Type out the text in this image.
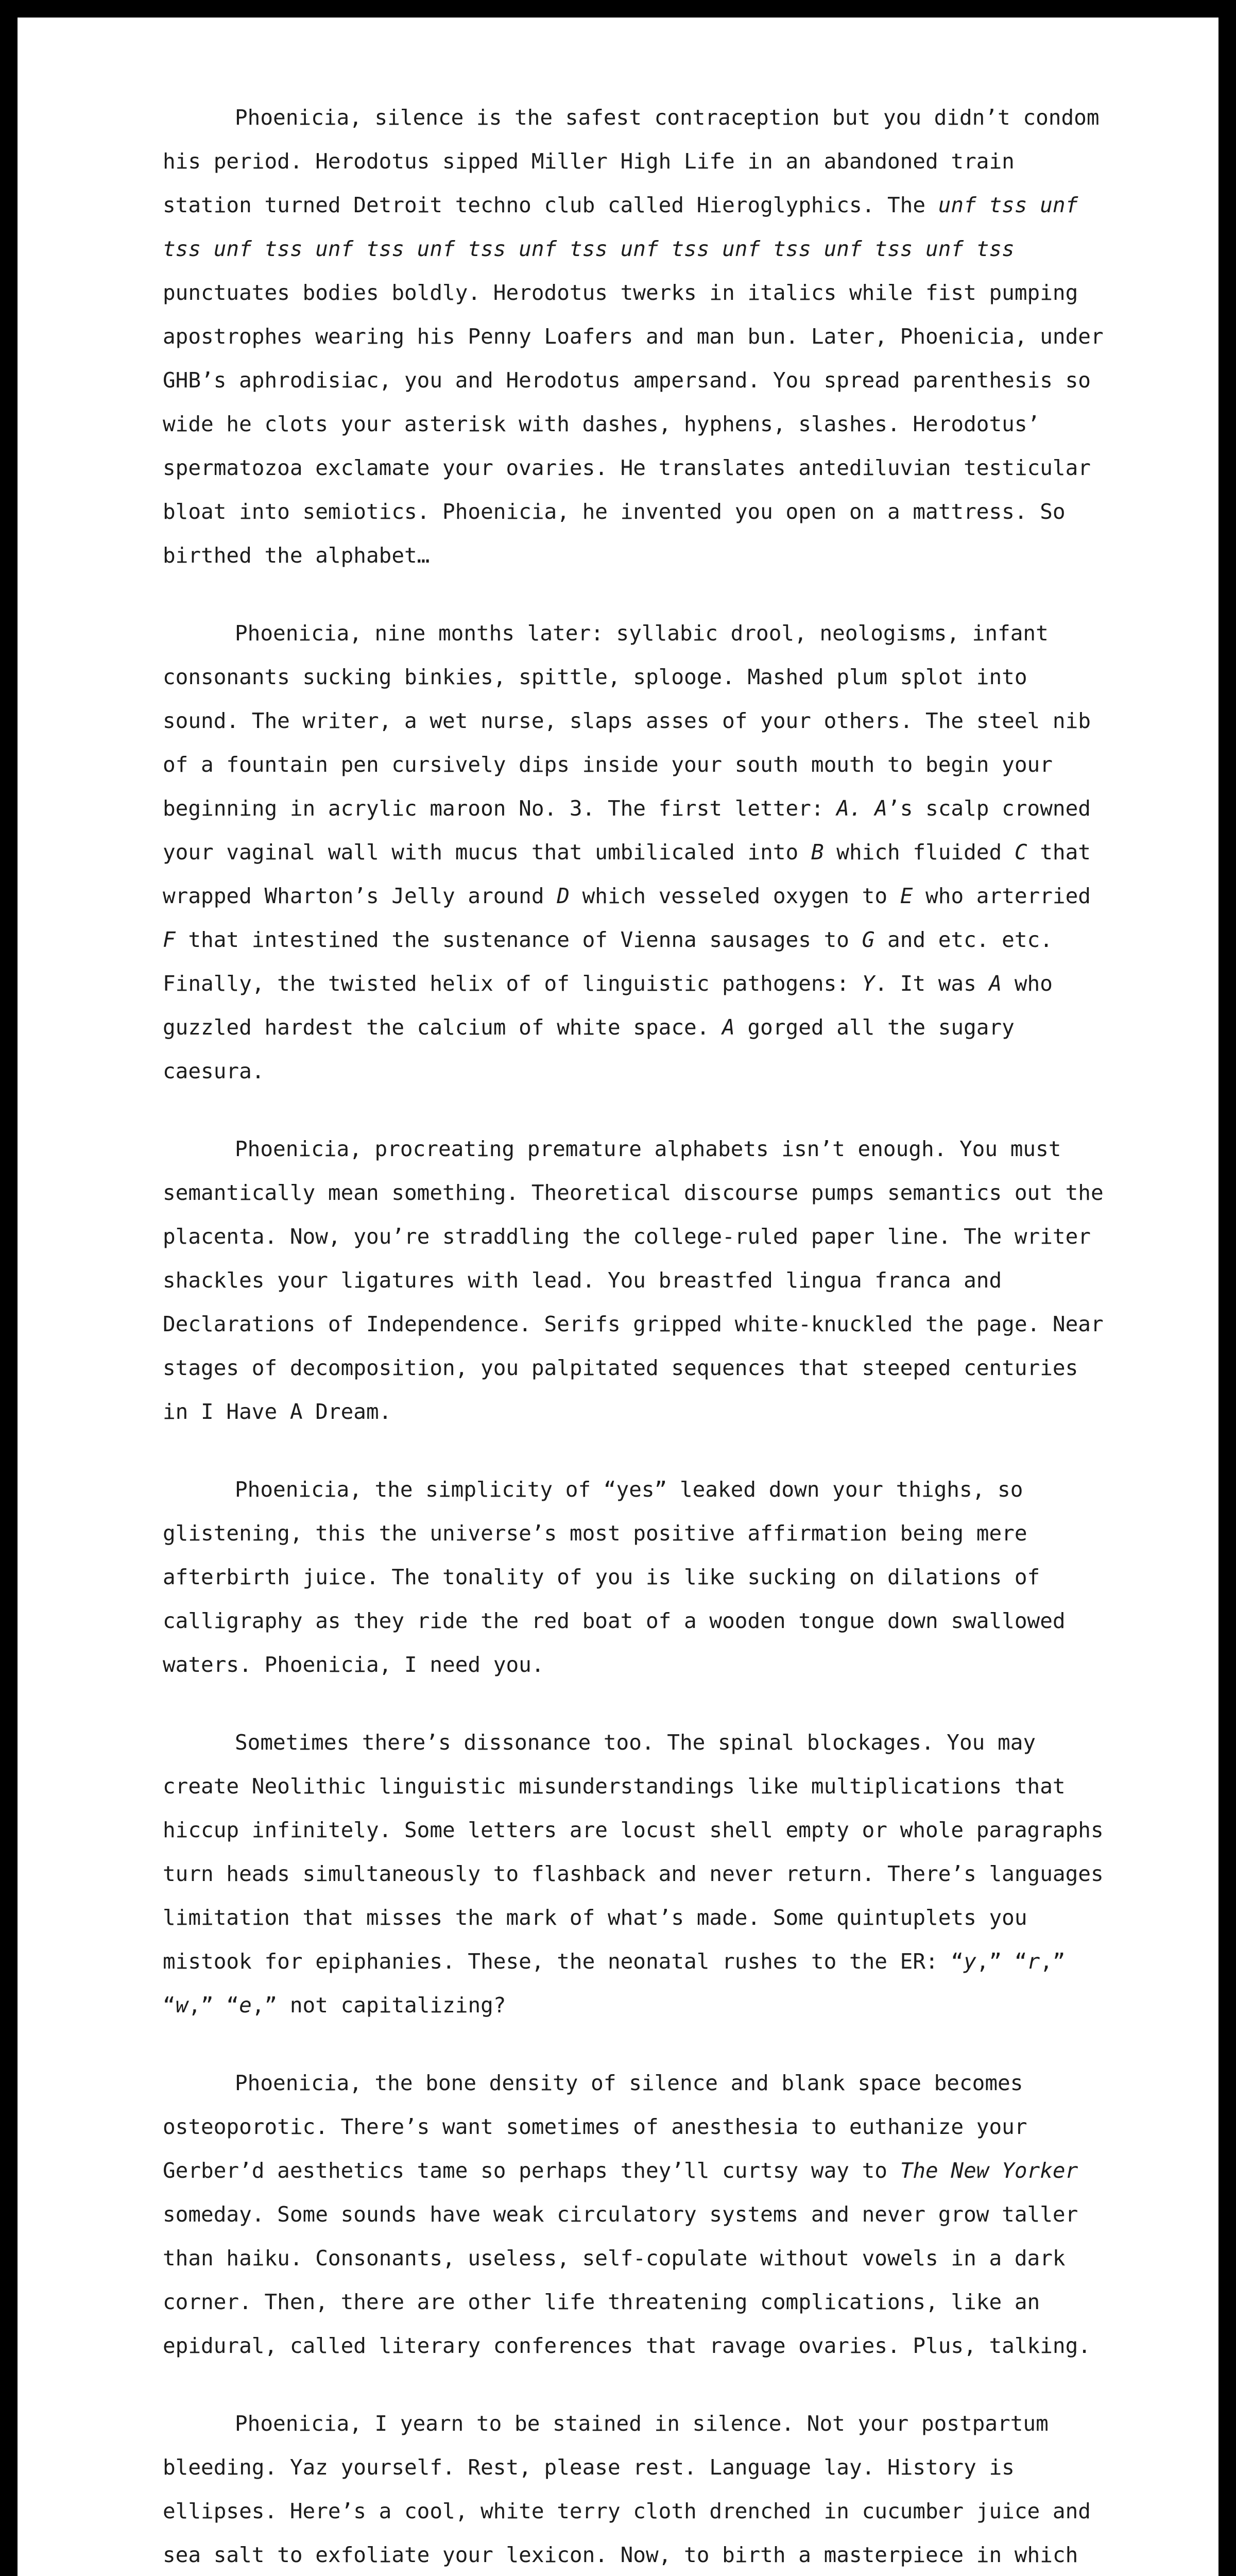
Phoenicia, silence is the safest contraception but you didn’t condom his period. Herodotus sipped Miller High Life in an abandoned train station turned Detroit techno club called Hieroglyphics. The unf tss unf tss unf tss unf tss unf tss unf tss unf tss unf tss unf tss unf tss punctuates bodies boldly. Herodotus twerks in italics while fist pumping apostrophes wearing his Penny Loafers and man bun. Later, Phoenicia, under GHB’s aphrodisiac, you and Herodotus ampersand. You spread parenthesis so wide he clots your asterisk with dashes, hyphens, slashes. Herodotus’ spermatozoa exclamate your ovaries. He translates antediluvian testicular bloat into semiotics. Phoenicia, he invented you open on a mattress. So birthed the alphabet…

Phoenicia, nine months later: syllabic drool, neologisms, infant consonants sucking binkies, spittle, splooge. Mashed plum splot into sound. The writer, a wet nurse, slaps asses of your others. The steel nib of a fountain pen cursively dips inside your south mouth to begin your beginning in acrylic maroon No. 3. The first letter: A. A’s scalp crowned your vaginal wall with mucus that umbilicaled into B which fluided C that wrapped Wharton’s Jelly around D which vesseled oxygen to E who arterried F that intestined the sustenance of Vienna sausages to G and etc. etc. Finally, the twisted helix of of linguistic pathogens: Y. It was A who guzzled hardest the calcium of white space. A gorged all the sugary caesura.

Phoenicia, procreating premature alphabets isn’t enough. You must semantically mean something. Theoretical discourse pumps semantics out the placenta. Now, you’re straddling the college-ruled paper line. The writer shackles your ligatures with lead. You breastfed lingua franca and Declarations of Independence. Serifs gripped white-knuckled the page. Near stages of decomposition, you palpitated sequences that steeped centuries in I Have A Dream.

Phoenicia, the simplicity of “yes” leaked down your thighs, so glistening, this the universe’s most positive affirmation being mere afterbirth juice. The tonality of you is like sucking on dilations of calligraphy as they ride the red boat of a wooden tongue down swallowed waters. Phoenicia, I need you.

Sometimes there’s dissonance too. The spinal blockages. You may create Neolithic linguistic misunderstandings like multiplications that hiccup infinitely. Some letters are locust shell empty or whole paragraphs turn heads simultaneously to flashback and never return. There’s languages limitation that misses the mark of what’s made. Some quintuplets you mistook for epiphanies. These, the neonatal rushes to the ER: “y,” “r,” “w,” “e,” not capitalizing?

Phoenicia, the bone density of silence and blank space becomes osteoporotic. There’s want sometimes of anesthesia to euthanize your Gerber’d aesthetics tame so perhaps they’ll curtsy way to The New Yorker someday. Some sounds have weak circulatory systems and never grow taller than haiku. Consonants, useless, self-copulate without vowels in a dark corner. Then, there are other life threatening complications, like an epidural, called literary conferences that ravage ovaries. Plus, talking.

Phoenicia, I yearn to be stained in silence. Not your postpartum bleeding. Yaz yourself. Rest, please rest. Language lay. History is ellipses. Here’s a cool, white terry cloth drenched in cucumber juice and sea salt to exfoliate your lexicon. Now, to birth a masterpiece in which
